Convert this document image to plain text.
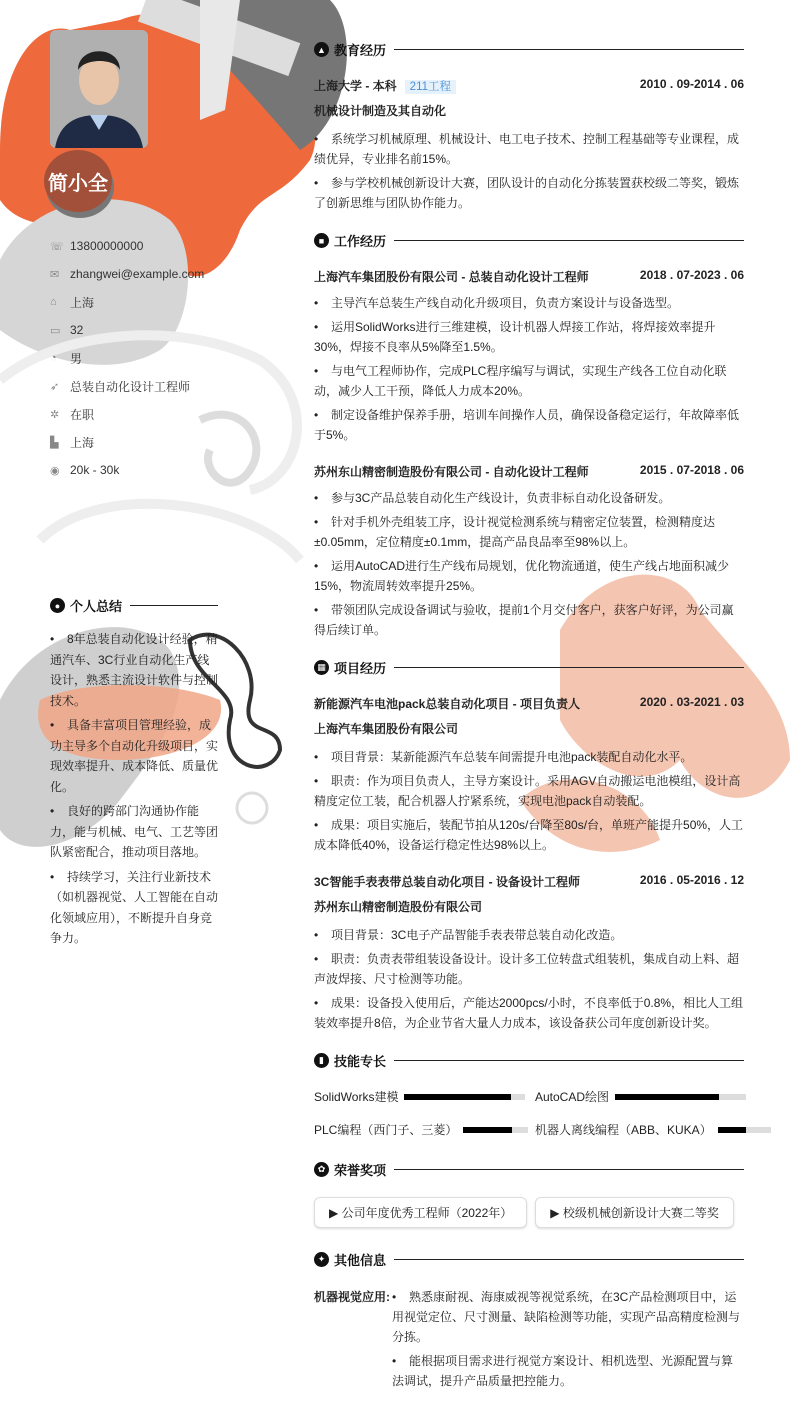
简小全
☏ 13800000000
✉ zhangwei@example.com
⌂	上海
▭ 32
◔	男
➶ 总装自动化设计工程师
✲ 在职
▙ 上海
◉ 20k - 30k
● 个人总结
• 8年总装自动化设计经验，精通汽车、3C行业自动化生产线设计，熟悉主流设计软件与控制技术。
• 具备丰富项目管理经验，成功主导多个自动化升级项目，实现效率提升、成本降低、质量优化。
• 良好的跨部门沟通协作能力，能与机械、电气、工艺等团队紧密配合，推动项目落地。
• 持续学习，关注行业新技术（如机器视觉、人工智能在自动化领域应用），不断提升自身竞争力。
▲ 教育经历
上海大学 - 本科 211工程	2010 . 09-2014 . 06
机械设计制造及其自动化
• 系统学习机械原理、机械设计、电工电子技术、控制工程基础等专业课程，成绩优异，专业排名前15%。
• 参与学校机械创新设计大赛，团队设计的自动化分拣装置获校级二等奖，锻炼了创新思维与团队协作能力。
■ 工作经历
上海汽车集团股份有限公司 - 总装自动化设计工程师	2018 . 07-2023 . 06
• 主导汽车总装生产线自动化升级项目，负责方案设计与设备选型。
• 运用SolidWorks进行三维建模，设计机器人焊接工作站，将焊接效率提升30%，焊接不良率从5%降至1.5%。
• 与电气工程师协作，完成PLC程序编写与调试，实现生产线各工位自动化联动，减少人工干预，降低人力成本20%。
• 制定设备维护保养手册，培训车间操作人员，确保设备稳定运行，年故障率低于5%。
苏州东山精密制造股份有限公司 - 自动化设计工程师	2015 . 07-2018 . 06
• 参与3C产品总装自动化生产线设计，负责非标自动化设备研发。
• 针对手机外壳组装工序，设计视觉检测系统与精密定位装置，检测精度达±0.05mm，定位精度±0.1mm，提高产品良品率至98%以上。
• 运用AutoCAD进行生产线布局规划，优化物流通道，使生产线占地面积减少15%，物流周转效率提升25%。
• 带领团队完成设备调试与验收，提前1个月交付客户，获客户好评，为公司赢得后续订单。
▦ 项目经历
新能源汽车电池pack总装自动化项目 - 项目负责人	2020 . 03-2021 . 03
上海汽车集团股份有限公司
• 项目背景：某新能源汽车总装车间需提升电池pack装配自动化水平。
• 职责：作为项目负责人，主导方案设计。采用AGV自动搬运电池模组，设计高精度定位工装，配合机器人拧紧系统，实现电池pack自动装配。
• 成果：项目实施后，装配节拍从120s/台降至80s/台，单班产能提升50%，人工成本降低40%，设备运行稳定性达98%以上。
3C智能手表表带总装自动化项目 - 设备设计工程师	2016 . 05-2016 . 12
苏州东山精密制造股份有限公司
• 项目背景：3C电子产品智能手表表带总装自动化改造。
• 职责：负责表带组装设备设计。设计多工位转盘式组装机，集成自动上料、超声波焊接、尺寸检测等功能。
• 成果：设备投入使用后，产能达2000pcs/小时，不良率低于0.8%，相比人工组装效率提升8倍，为企业节省大量人力成本，该设备获公司年度创新设计奖。
▮ 技能专长
SolidWorks建模	AutoCAD绘图
PLC编程（西门子、三菱）	机器人离线编程（ABB、KUKA）
✿ 荣誉奖项
▶ 公司年度优秀工程师（2022年）	▶ 校级机械创新设计大赛二等奖
✦ 其他信息
机器视觉应用:	• 熟悉康耐视、海康威视等视觉系统，在3C产品检测项目中，运用视觉定位、尺寸测量、缺陷检测等功能，实现产品高精度检测与分拣。
• 能根据项目需求进行视觉方案设计、相机选型、光源配置与算法调试，提升产品质量把控能力。
